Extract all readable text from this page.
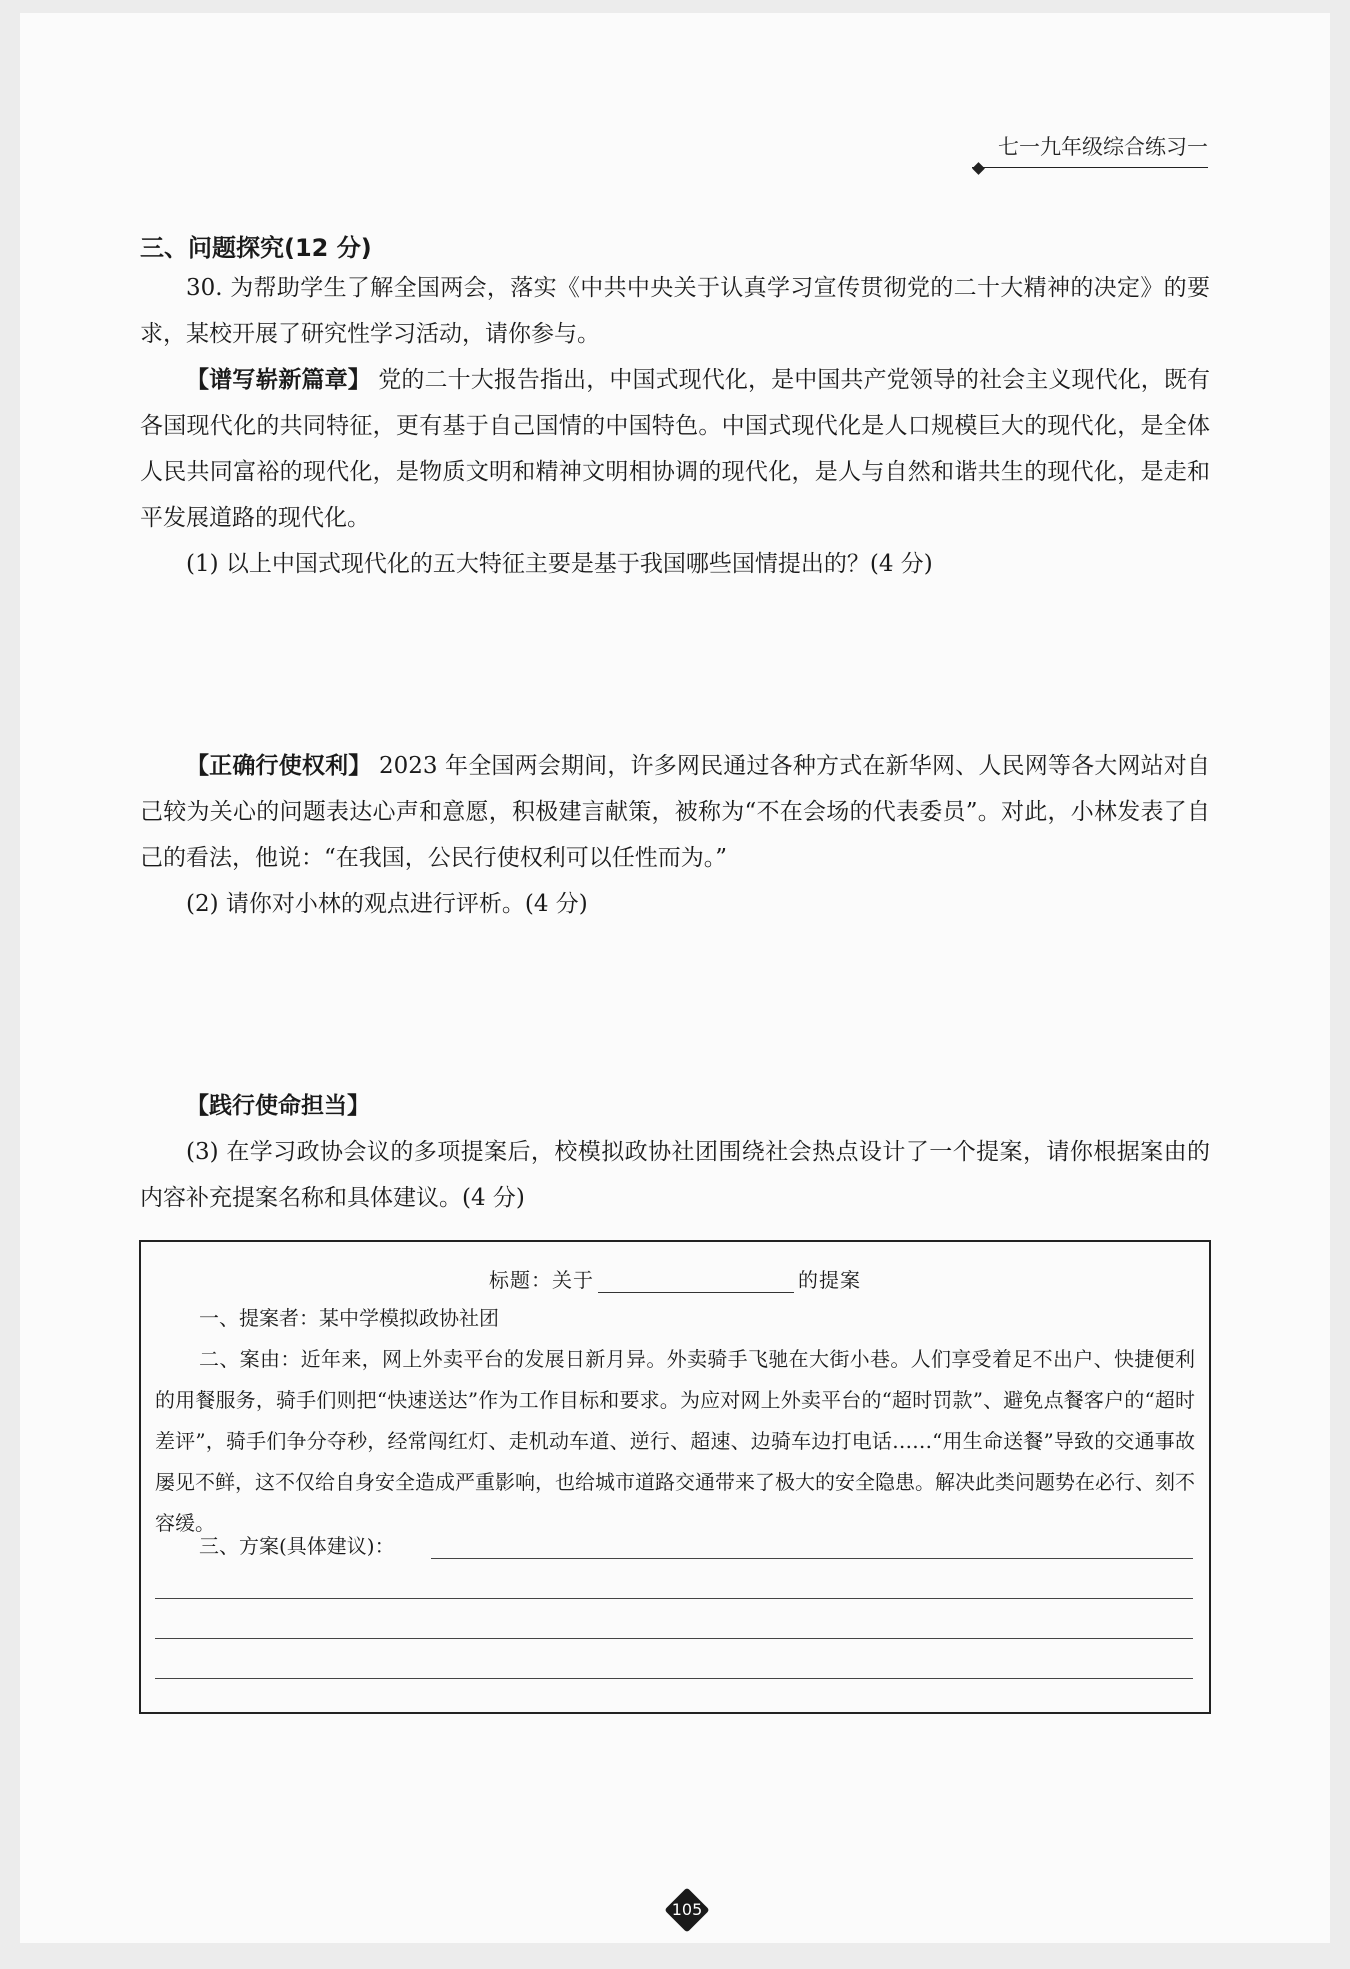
七一九年级综合练习一
三、问题探究(12 分)

30. 为帮助学生了解全国两会，落实《中共中央关于认真学习宣传贯彻党的二十大精神的决定》的要求，某校开展了研究性学习活动，请你参与。

【谱写崭新篇章】 党的二十大报告指出，中国式现代化，是中国共产党领导的社会主义现代化，既有各国现代化的共同特征，更有基于自己国情的中国特色。中国式现代化是人口规模巨大的现代化，是全体人民共同富裕的现代化，是物质文明和精神文明相协调的现代化，是人与自然和谐共生的现代化，是走和平发展道路的现代化。

(1) 以上中国式现代化的五大特征主要是基于我国哪些国情提出的？(4 分)

【正确行使权利】 2023 年全国两会期间，许多网民通过各种方式在新华网、人民网等各大网站对自己较为关心的问题表达心声和意愿，积极建言献策，被称为“不在会场的代表委员”。对此，小林发表了自己的看法，他说：“在我国，公民行使权利可以任性而为。”

(2) 请你对小林的观点进行评析。(4 分)

【践行使命担当】

(3) 在学习政协会议的多项提案后，校模拟政协社团围绕社会热点设计了一个提案，请你根据案由的内容补充提案名称和具体建议。(4 分)

标题：关于	的提案

一、提案者：某中学模拟政协社团

二、案由：近年来，网上外卖平台的发展日新月异。外卖骑手飞驰在大街小巷。人们享受着足不出户、快捷便利的用餐服务，骑手们则把“快速送达”作为工作目标和要求。为应对网上外卖平台的“超时罚款”、避免点餐客户的“超时差评”，骑手们争分夺秒，经常闯红灯、走机动车道、逆行、超速、边骑车边打电话……“用生命送餐”导致的交通事故屡见不鲜，这不仅给自身安全造成严重影响，也给城市道路交通带来了极大的安全隐患。解决此类问题势在必行、刻不容缓。

三、方案(具体建议)：
105
